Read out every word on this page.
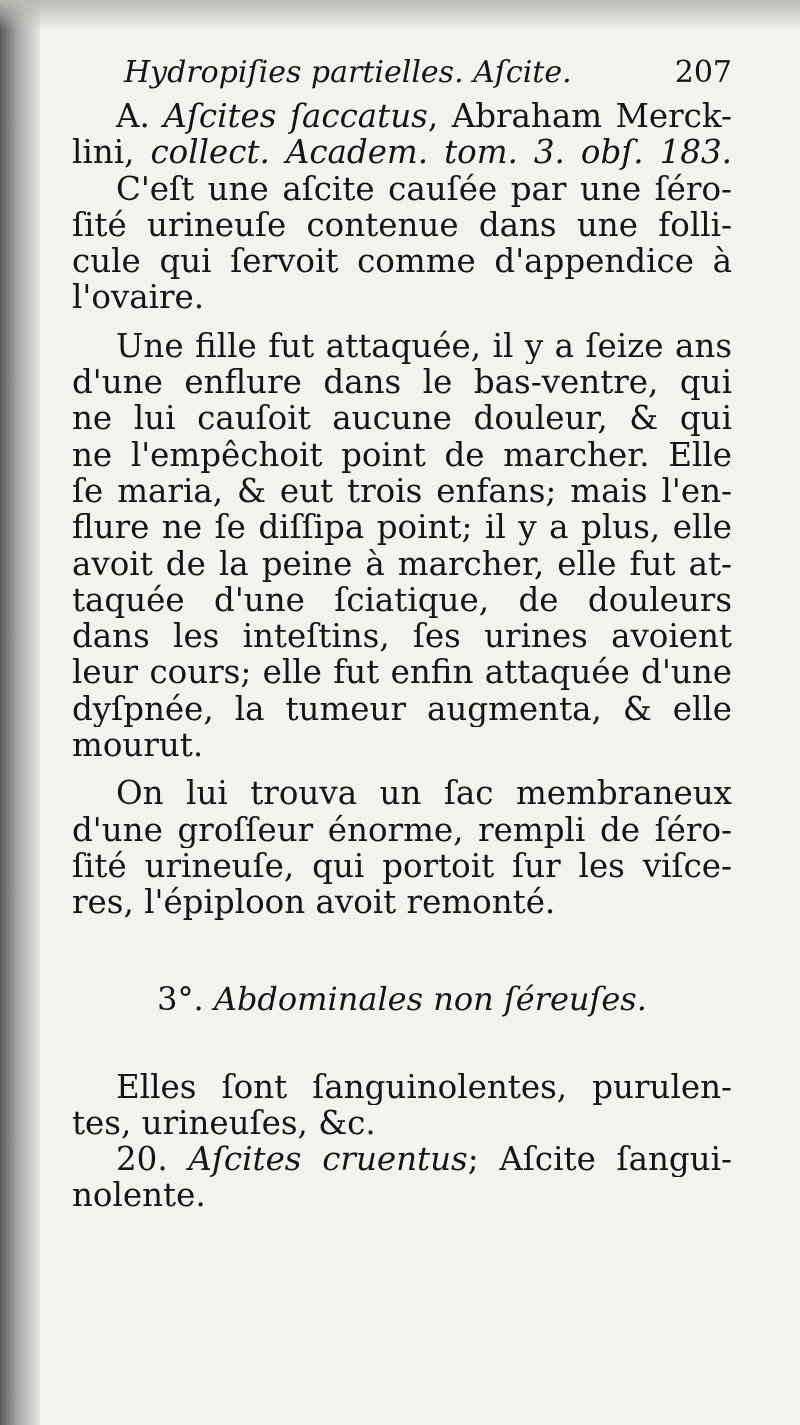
Hydropiſies partielles. Aſcite.	207
A. Aſcites ſaccatus, Abraham Merck-
lini, collect. Academ. tom. 3. obſ. 183.
C'eſt une aſcite cauſée par une ſéro-
ſité urineuſe contenue dans une folli-
cule qui ſervoit comme d'appendice à
l'ovaire.
Une fille fut attaquée, il y a ſeize ans
d'une enflure dans le bas-ventre, qui
ne lui cauſoit aucune douleur, & qui
ne l'empêchoit point de marcher. Elle
ſe maria, & eut trois enfans; mais l'en-
flure ne ſe diſſipa point; il y a plus, elle
avoit de la peine à marcher, elle fut at-
taquée d'une ſciatique, de douleurs
dans les inteſtins, ſes urines avoient
leur cours; elle fut enfin attaquée d'une
dyſpnée, la tumeur augmenta, & elle
mourut.
On lui trouva un ſac membraneux
d'une groſſeur énorme, rempli de ſéro-
ſité urineuſe, qui portoit ſur les viſce-
res, l'épiploon avoit remonté.
3°. Abdominales non ſéreuſes.
Elles ſont ſanguinolentes, purulen-
tes, urineuſes, &c.
20. Aſcites cruentus; Aſcite ſangui-
nolente.
